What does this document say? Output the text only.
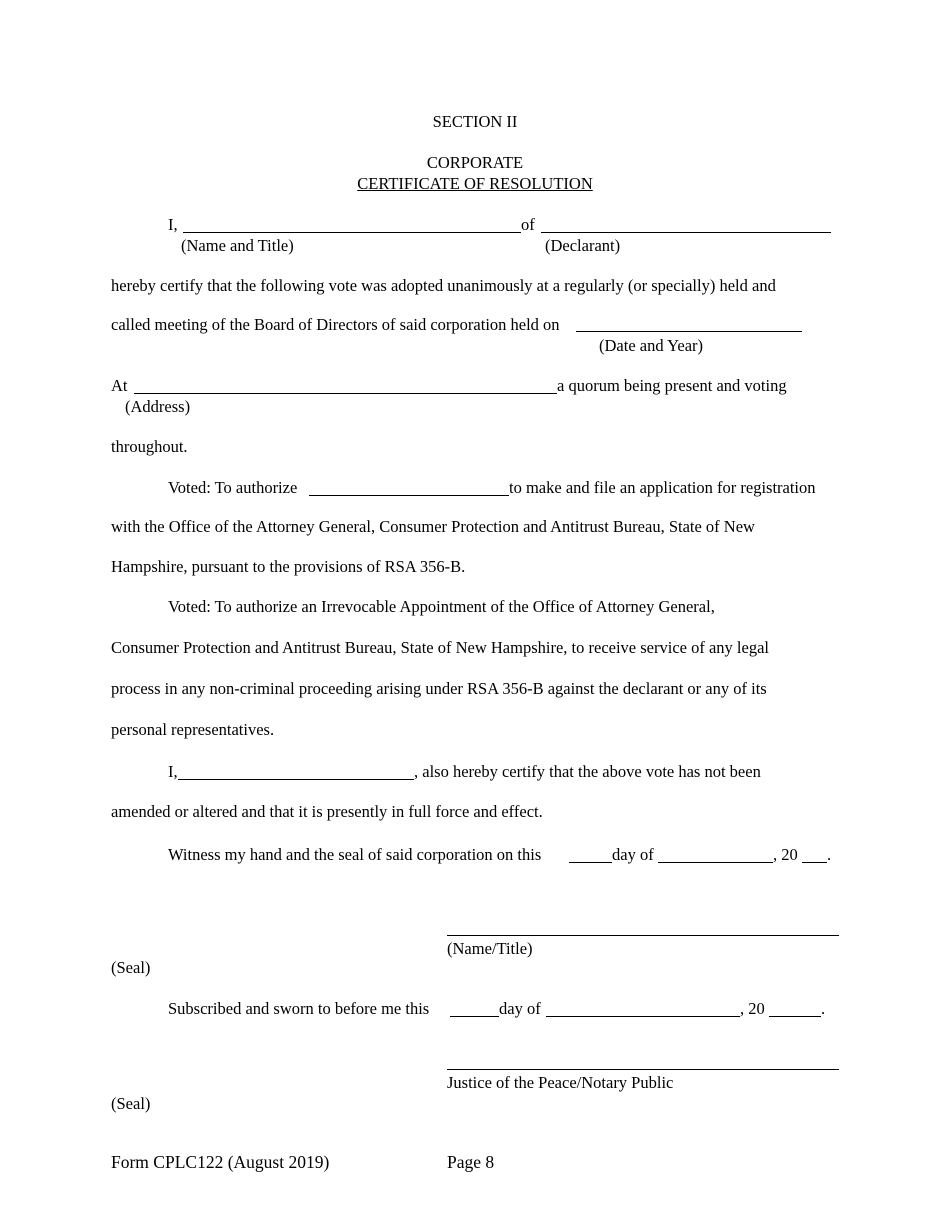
SECTION II
CORPORATE
CERTIFICATE OF RESOLUTION
I,	of
(Name and Title)	(Declarant)
hereby certify that the following vote was adopted unanimously at a regularly (or specially) held and
called meeting of the Board of Directors of said corporation held on
(Date and Year)
At	a quorum being present and voting
(Address)
throughout.
Voted: To authorize	to make and file an application for registration
with the Office of the Attorney General, Consumer Protection and Antitrust Bureau, State of New
Hampshire, pursuant to the provisions of RSA 356-B.
Voted: To authorize an Irrevocable Appointment of the Office of Attorney General,
Consumer Protection and Antitrust Bureau, State of New Hampshire, to receive service of any legal
process in any non-criminal proceeding arising under RSA 356-B against the declarant or any of its
personal representatives.
I,	, also hereby certify that the above vote has not been
amended or altered and that it is presently in full force and effect.
Witness my hand and the seal of said corporation on this	day of	, 20 .
(Name/Title)
(Seal)
Subscribed and sworn to before me this	day of	, 20	.
Justice of the Peace/Notary Public
(Seal)
Form CPLC122 (August 2019)	Page 8
